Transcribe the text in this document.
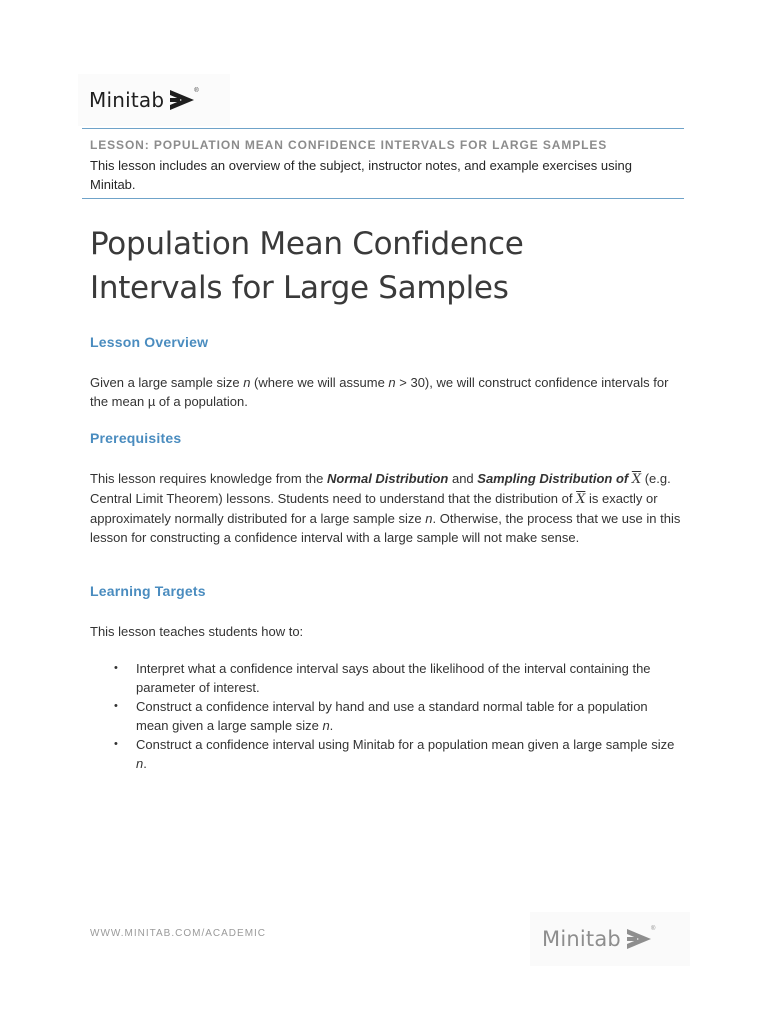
Minitab	®
LESSON: POPULATION MEAN CONFIDENCE INTERVALS FOR LARGE SAMPLES
This lesson includes an overview of the subject, instructor notes, and example exercises using Minitab.
Population Mean Confidence Intervals for Large Samples
Lesson Overview

Given a large sample size n (where we will assume n > 30), we will construct confidence intervals for the mean µ of a population.

Prerequisites

This lesson requires knowledge from the Normal Distribution and Sampling Distribution of $\overline{X}$ (e.g. Central Limit Theorem) lessons. Students need to understand that the distribution of $\overline{X}$ is exactly or approximately normally distributed for a large sample size n. Otherwise, the process that we use in this lesson for constructing a confidence interval with a large sample will not make sense.

Learning Targets

This lesson teaches students how to:

• Interpret what a confidence interval says about the likelihood of the interval containing the parameter of interest.
• Construct a confidence interval by hand and use a standard normal table for a population mean given a large sample size n.
• Construct a confidence interval using Minitab for a population mean given a large sample size n.
WWW.MINITAB.COM/ACADEMIC	Minitab	®
